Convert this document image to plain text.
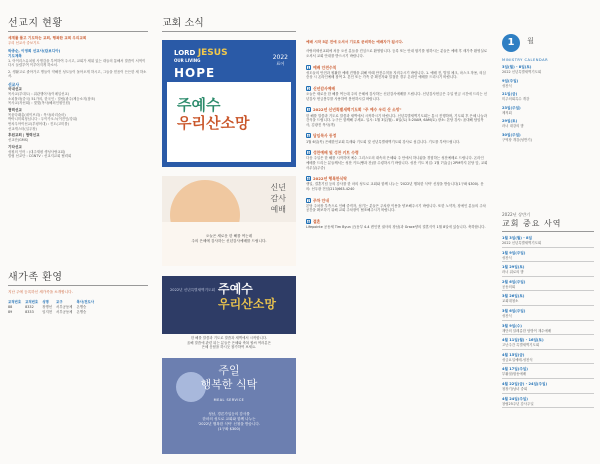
선교지 현황
세계를 품고 기도하는 교회, 행복한 교회 우리교회
우리 선교사 중보기도
박종순, 이영희 선교사(캄보디아)
기도제목
1. 아이리스유치원 사명감을 부여하여 주시고, 교회가 세워 있는 대들의 통해서 말씀이 서역이 다시 들렸부여 이루어지게 하소서.
2. 생활고로 졸아가고 병들이 약해진 성도들이 돌아오게 하시고, 그들을 믿음이 든든한 세 하소서.
선교사
국내선교
목사교(부대도) : 위관행어사(이메일선교)
소피톨라(중국) 51가의, 한국인 : 빌립(광주/제등소지(참조)
목사교(자선회) : 몇몇(목사/해외인원인원)
협력선교
목윤다래총(네이브리) : 목사(파리숨마)
박아니미희청님니다 : 우이카오스(이전인/강위)
번차우아이선교(부평어대) : 진도(고미를)
선교캐스터(일우장)
후원교회 | 협력선교
선교단(GMS)
기타선교
성원의 인어 : (대주재평 생성사랑교회)
빌립 선교단 : CGNTV : 선교지교회 협력회
새가족 환영
지난 주에 등록하신 새가족을 소개합니다.
교적번호	교적번호	성명	교구	목사/전도사
88	8332	장병선	서부공동체	온병승
89	8333	임지현	서부공동체	온병승
교회 소식
LORD JESUS
OUR LIVING
HOPE
2022
표어
주예수
우리산소망
신년
감사
예배
오늘은 새로운 한 해를 여는데
주의 은혜에 감사하는 신년감사예배를 드립니다.
2022년 신년특별새벽기도회 주예수
우리산소망
한 해를 말씀과 기도로 말씀과 새벽에서 시작합니다.
올해 말씀에 관련 되는 분들은 은혜와 축복 할씨 여러분은
은혜 응답을 하시듯 참가하여 보세요.
주일
행복한 식탁
MEAL SERVICE
성남, 경론가입등의 감사를
한마의 성도로 교회와 함께 나누는
'2022년 행복한 식탁' 신청을 받습니다.
(1구좌 $300)
예배 시작 5분 전에 오셔서 기도로 준비하는 예배자가 됩시다.
사랑의세선교회에 처음 오신 분들을 진심으로 환영합니다. 등록 또는 안내 합기를 원하시는 분들은 예배 후 새가족 환영실로 오셔서 교회 안내를 받으시기 바랍니다.
1 예배 안전수칙
성도들의 안전과 원활한 예배 진행을 위해 아래 안전수칙을 지켜주시기 바랍니다. 1. 예배 전, 발열 체크, 마스크 착용, 의심 증상 시 온라인예배 참여 2. 본인 또는 가족 중 확진자와 밀접한 경우 온라인 예배를 드리시기 바랍니다.
2 신년감사예배
오늘은 새로운 한 해를 여는데 주의 은혜에 감사하는 신년감사예배를 드립니다. 신년감사헌금은 주일 헌금 시간에 드리는 신년감사 헌금봉투를 사용하여 봉헌하시길 바랍니다.
3 2022년 신년특별새벽기도회 "주 예수 우리 산 소망"
한 해를 말씀과 기도로 말씀과 새벽에서 시작하시기 바랍니다. 신년특별새벽기도회는 통시 진행하며, 기도회 후 은혜 나눔과 간식을 드립니다. 누구든 함께해 주세요. 일시: 1월 3일(월) - 8일(토) 5:20AM, 6AM(토) 장소: 본당 강사: 윤대해 담임목사, 김광진 목사(객)
4 담임목사 동정
1월 6일(목) 은혜한인교회 특새와 기도회 및 신년특별새벽기도회 강사로 섬깁니다. 기도를 부탁드립니다.
5 성찬예배 및 성찬 키트 수령
다음 주일은 한 해를 시작하며 예수 그리스도의 대속의 은혜와 주 안에서 하나됨을 경험하는 성찬예배로 드립니다. 온라인 예배를 드리는 분들께서는 성찬 키트(빵과 잔)를 수령하시기 바랍니다. 성찬 키트 픽업: 1월 7일(금) 2PM까지 본당 앞, 교회 사무실(주중)
6 2022년 행복한식탁
생일, 결혼기념 등의 감사를 한 마의 성도로 교회와 함께 나누는 '2022년 행복한 식탁' 신청을 받습니다(1구좌 $300). 문의: 선우광 전임(213)663-4240
7 주차 안내
본당 주차장 부족으로 인해 중직자, 섬기는 분들은 주차장 이용을 양보해주시기 바랍니다. 또한 노약자, 장애인 분들의 주차공간을 확보하기 위해 교회 주차장이 협조해주시기 바랍니다.
8 결혼
Lifepointe 공동체 Tim Byun 군(동부 4-4 변인현 권사의 장남)과 Grace양의 결혼식이 1월 8일에 있습니다. 축하합니다.
1 월
MINISTRY CALENDAR
3일(월) - 8일(토)
2022 신년특별새벽기도회
9일(주일)
성찬식
21일(금)
미주의회특수 개강
23일(주일)
제직회
29일(토)
러너 대강의 밤
30일(주일)
구역장 개강(성반기)
2022년 상반기
교회 중요 사역
1월 3일(월) - 8일
2022 신년특별새벽기도회
1월 9일(주일)
성찬식
1월 29일(토)
러너 위로의 밤
2월 6일(주일)
공동의회
3월 26일(토)
교회대청소
3월 6일(주일)
성찬식
3월 9일(수)
재단의 알레름한 탐방이 재수예배
4월 11일(월) - 16일(토)
고난주간 특별새벽기도회
4월 15일(금)
성금요일예배-성찬식
4월 17일(주일)
부활절/합동예배
4월 22일(금) - 24일(주일)
청장기/남녀 중회
4월 24일(주일)
창립25주년 감사주일
